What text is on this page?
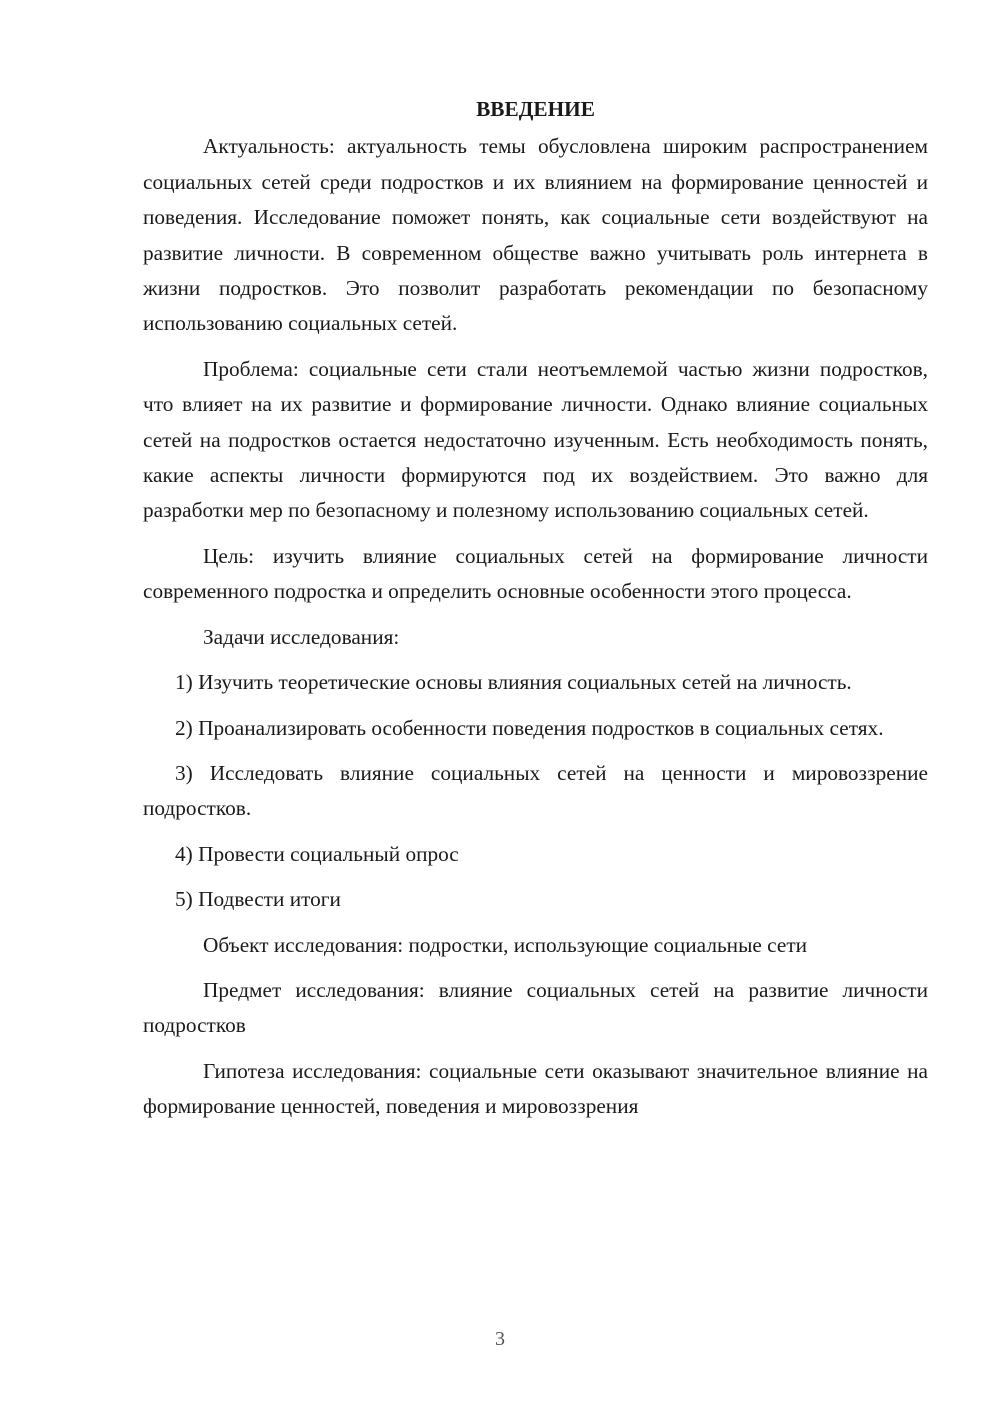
ВВЕДЕНИЕ

Актуальность: актуальность темы обусловлена широким распространением социальных сетей среди подростков и их влиянием на формирование ценностей и поведения. Исследование поможет понять, как социальные сети воздействуют на развитие личности. В современном обществе важно учитывать роль интернета в жизни подростков. Это позволит разработать рекомендации по безопасному использованию социальных сетей.

Проблема: социальные сети стали неотъемлемой частью жизни подростков, что влияет на их развитие и формирование личности. Однако влияние социальных сетей на подростков остается недостаточно изученным. Есть необходимость понять, какие аспекты личности формируются под их воздействием. Это важно для разработки мер по безопасному и полезному использованию социальных сетей.

Цель: изучить влияние социальных сетей на формирование личности современного подростка и определить основные особенности этого процесса.

Задачи исследования:

1) Изучить теоретические основы влияния социальных сетей на личность.

2) Проанализировать особенности поведения подростков в социальных сетях.

3) Исследовать влияние социальных сетей на ценности и мировоззрение подростков.

4) Провести социальный опрос

5) Подвести итоги

Объект исследования: подростки, использующие социальные сети

Предмет исследования: влияние социальных сетей на развитие личности подростков

Гипотеза исследования: социальные сети оказывают значительное влияние на формирование ценностей, поведения и мировоззрения

3
